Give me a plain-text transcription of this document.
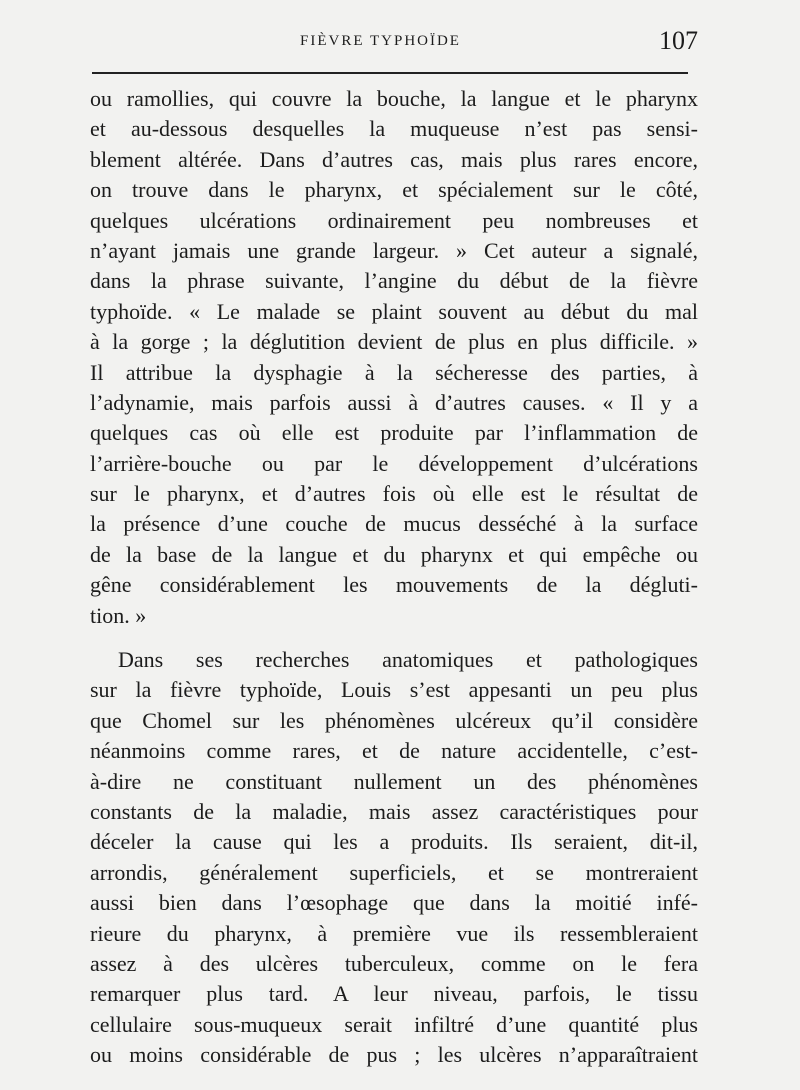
FIÈVRE TYPHOÏDE	107
ou ramollies, qui couvre la bouche, la langue et le pharynx
et au-dessous desquelles la muqueuse n’est pas sensi-
blement altérée. Dans d’autres cas, mais plus rares encore,
on trouve dans le pharynx, et spécialement sur le côté,
quelques ulcérations ordinairement peu nombreuses et
n’ayant jamais une grande largeur. » Cet auteur a signalé,
dans la phrase suivante, l’angine du début de la fièvre
typhoïde. « Le malade se plaint souvent au début du mal
à la gorge ; la déglutition devient de plus en plus difficile. »
Il attribue la dysphagie à la sécheresse des parties, à
l’adynamie, mais parfois aussi à d’autres causes. « Il y a
quelques cas où elle est produite par l’inflammation de
l’arrière-bouche ou par le développement d’ulcérations
sur le pharynx, et d’autres fois où elle est le résultat de
la présence d’une couche de mucus desséché à la surface
de la base de la langue et du pharynx et qui empêche ou
gêne considérablement les mouvements de la dégluti-
tion. »
Dans ses recherches anatomiques et pathologiques
sur la fièvre typhoïde, Louis s’est appesanti un peu plus
que Chomel sur les phénomènes ulcéreux qu’il considère
néanmoins comme rares, et de nature accidentelle, c’est-
à-dire ne constituant nullement un des phénomènes
constants de la maladie, mais assez caractéristiques pour
déceler la cause qui les a produits. Ils seraient, dit-il,
arrondis, généralement superficiels, et se montreraient
aussi bien dans l’œsophage que dans la moitié infé-
rieure du pharynx, à première vue ils ressembleraient
assez à des ulcères tuberculeux, comme on le fera
remarquer plus tard. A leur niveau, parfois, le tissu
cellulaire sous-muqueux serait infiltré d’une quantité plus
ou moins considérable de pus ; les ulcères n’apparaîtraient
